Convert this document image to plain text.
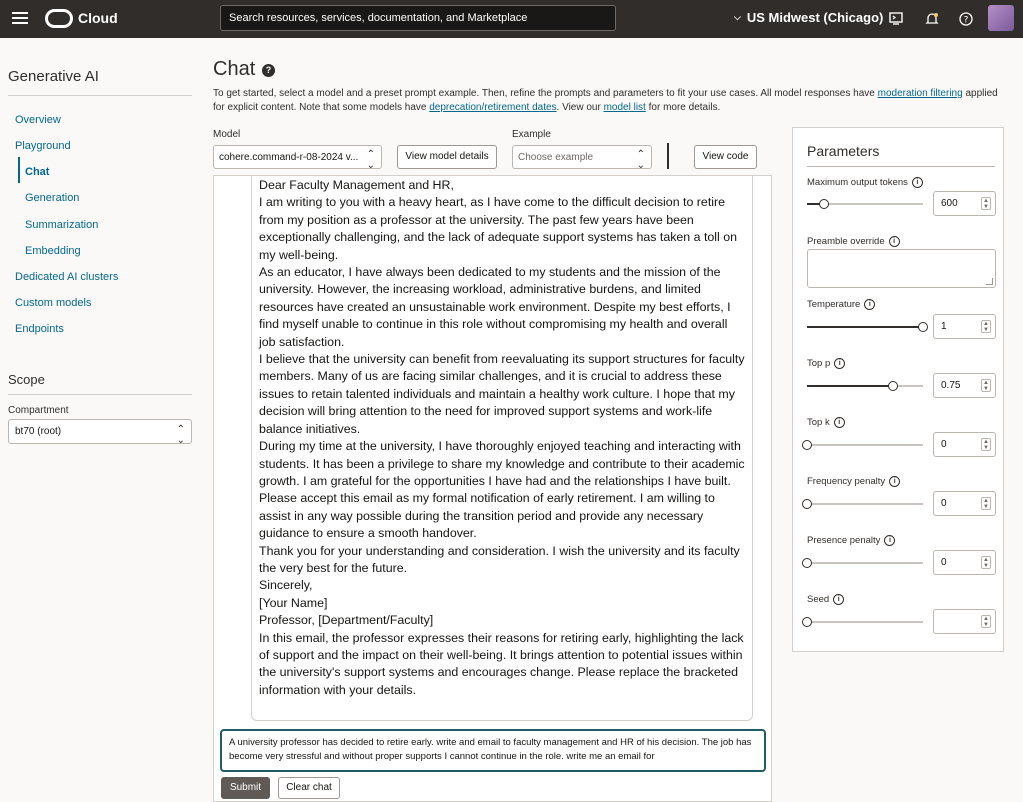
Cloud	Search resources, services, documentation, and Marketplace	⌵ US Midwest (Chicago)	?
Generative AI
Overview
Playground
Chat
Generation
Summarization
Embedding
Dedicated AI clusters
Custom models
Endpoints
Scope
Compartment
bt70 (root)	⌃
⌄
Chat	?
To get started, select a model and a preset prompt example. Then, refine the prompts and parameters to fit your use cases. All model responses have moderation filtering applied for explicit content. Note that some models have deprecation/retirement dates. View our model list for more details.
Model
cohere.command-r-08-2024 v... ⌃
⌄
View model details
Example
Choose example	⌃
⌄
View code

Dear Faculty Management and HR,

I am writing to you with a heavy heart, as I have come to the difficult decision to retire from my position as a professor at the university. The past few years have been exceptionally challenging, and the lack of adequate support systems has taken a toll on my well-being.

As an educator, I have always been dedicated to my students and the mission of the university. However, the increasing workload, administrative burdens, and limited resources have created an unsustainable work environment. Despite my best efforts, I find myself unable to continue in this role without compromising my health and overall job satisfaction.

I believe that the university can benefit from reevaluating its support structures for faculty members. Many of us are facing similar challenges, and it is crucial to address these issues to retain talented individuals and maintain a healthy work culture. I hope that my decision will bring attention to the need for improved support systems and work-life balance initiatives.

During my time at the university, I have thoroughly enjoyed teaching and interacting with students. It has been a privilege to share my knowledge and contribute to their academic growth. I am grateful for the opportunities I have had and the relationships I have built.

Please accept this email as my formal notification of early retirement. I am willing to assist in any way possible during the transition period and provide any necessary guidance to ensure a smooth handover.

Thank you for your understanding and consideration. I wish the university and its faculty the very best for the future.

Sincerely,

[Your Name]

Professor, [Department/Faculty]

In this email, the professor expresses their reasons for retiring early, highlighting the lack of support and the impact on their well-being. It brings attention to potential issues within the university's support systems and encourages change. Please replace the bracketed information with your details.

A university professor has decided to retire early. write and email to faculty management and HR of his decision. The job has become very stressful and without proper supports I cannot continue in the role. write me an email for
Submit	Clear chat
Parameters
Maximum output tokens i
600	▲
▼
Preamble override i
Temperature i
1	▲
▼
Top p i
0.75	▲
▼
Top k i
0	▲
▼
Frequency penalty i
0	▲
▼
Presence penalty i
0	▲
▼
Seed i
▲
▼
